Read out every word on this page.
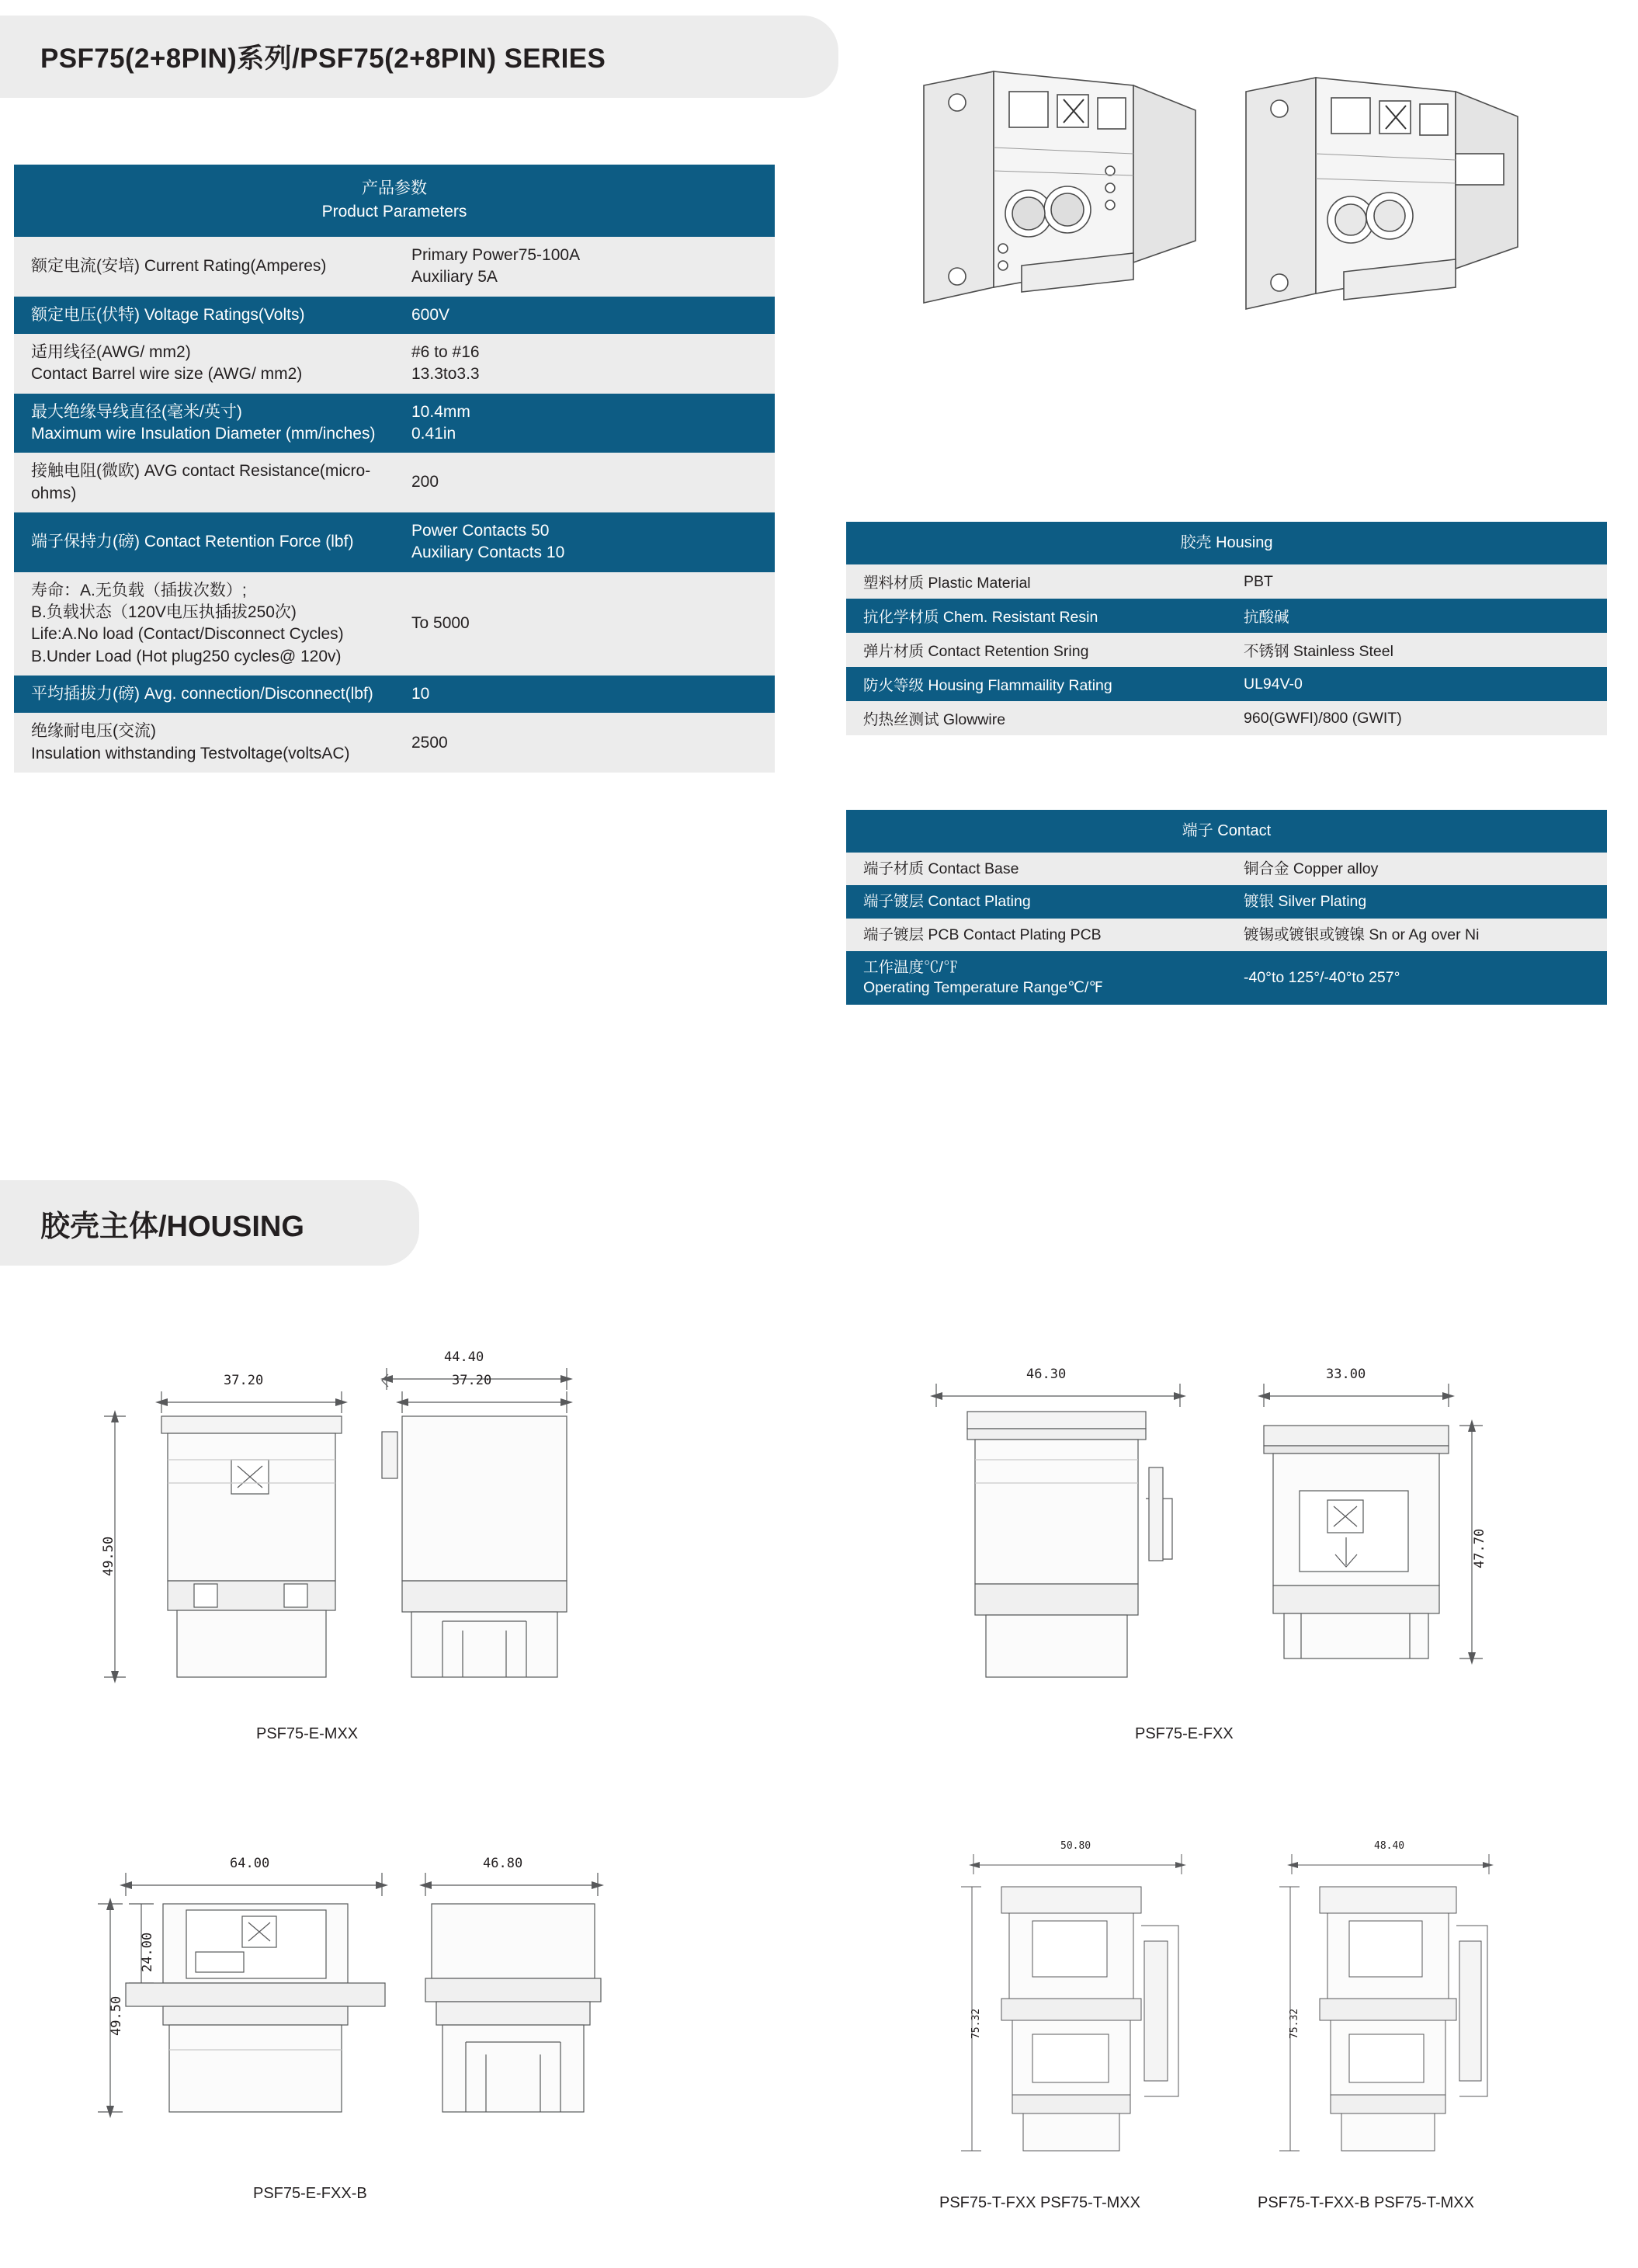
PSF75(2+8PIN)系列/PSF75(2+8PIN) SERIES
产品参数
Product Parameters	
额定电流(安培) Current Rating(Amperes)	Primary Power75-100A
Auxiliary 5A
额定电压(伏特) Voltage Ratings(Volts)	600V
适用线径(AWG/ mm2)
Contact Barrel wire size (AWG/ mm2)	#6 to #16
13.3to3.3
最大绝缘导线直径(毫米/英寸)
Maximum wire Insulation Diameter (mm/inches)	10.4mm
0.41in
接触电阻(微欧) AVG contact Resistance(micro-ohms)	200
端子保持力(磅) Contact Retention Force (lbf)	Power Contacts 50
Auxiliary Contacts 10
寿命：A.无负载（插拔次数）;
B.负载状态（120V电压执插拔250次)
Life:A.No load (Contact/Disconnect Cycles)
B.Under Load (Hot plug250 cycles@ 120v)	To 5000
平均插拔力(磅) Avg. connection/Disconnect(lbf)	10
绝缘耐电压(交流)
Insulation withstanding Testvoltage(voltsAC)	2500
胶壳 Housing	
塑料材质 Plastic Material	PBT
抗化学材质 Chem. Resistant Resin	抗酸碱
弹片材质 Contact Retention Sring	不锈钢 Stainless Steel
防火等级 Housing Flammaility Rating	UL94V-0
灼热丝测试 Glowwire	960(GWFI)/800 (GWIT)
端子 Contact	
端子材质 Contact Base	铜合金 Copper alloy
端子镀层 Contact Plating	镀银 Silver Plating
端子镀层 PCB Contact Plating PCB	镀锡或镀银或镀镍 Sn or Ag over Ni
工作温度℃/℉
Operating Temperature Range℃/℉	-40°to 125°/-40°to 257°
胶壳主体/HOUSING
37.20
44.40
37.20
49.50
PSF75-E-MXX
46.30	33.00
47.70
PSF75-E-FXX
64.00	46.80
24.00
49.50
PSF75-E-FXX-B
50.80
75.32
PSF75-T-FXX PSF75-T-MXX
48.40
75.32
PSF75-T-FXX-B PSF75-T-MXX
